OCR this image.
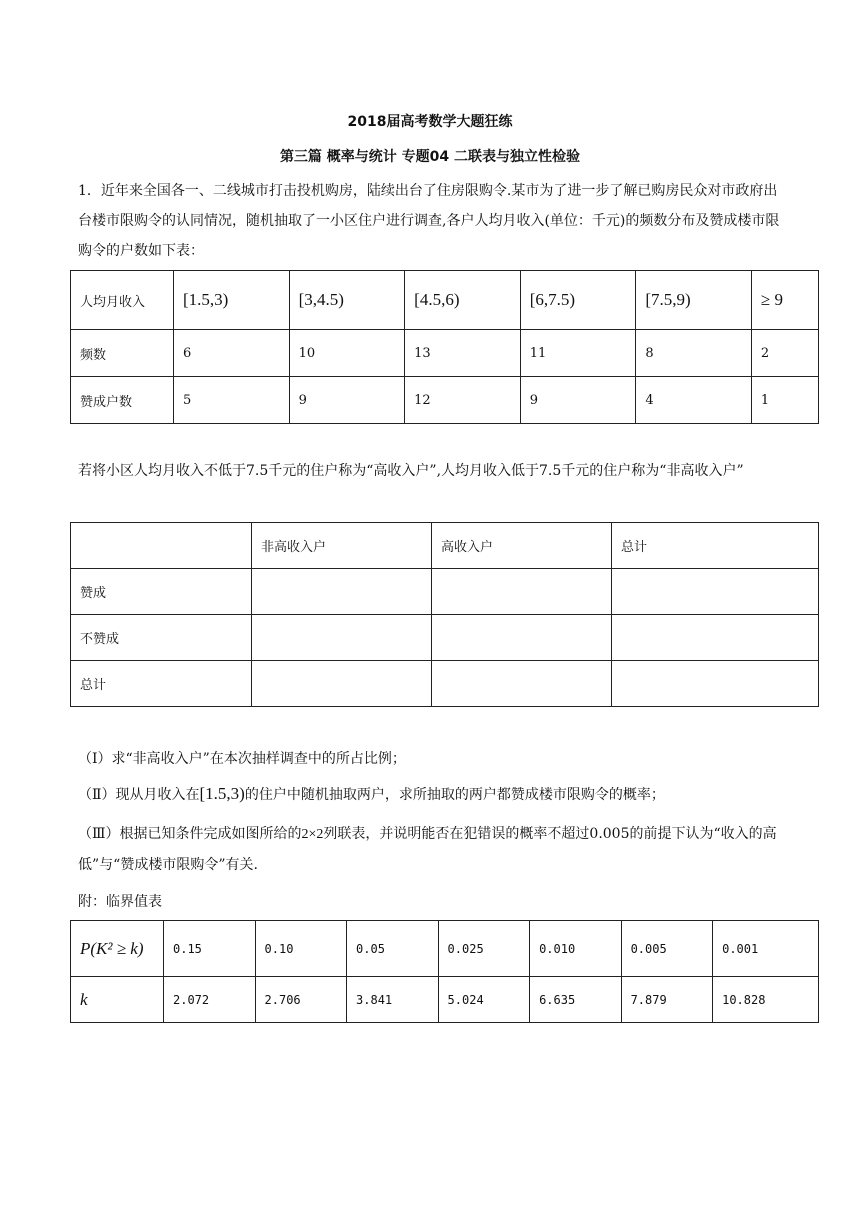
2018届高考数学大题狂练
第三篇 概率与统计 专题04 二联表与独立性检验

1．近年来全国各一、二线城市打击投机购房，陆续出台了住房限购令.某市为了进一步了解已购房民众对市政府出台楼市限购令的认同情况，随机抽取了一小区住户进行调查,各户人均月收入(单位：千元)的频数分布及赞成楼市限购令的户数如下表：

人均月收入	[1.5,3)	[3,4.5)	[4.5,6)	[6,7.5)	[7.5,9)	≥ 9
频数	6	10	13	11	8	2
赞成户数	5	9	12	9	4	1

若将小区人均月收入不低于7.5千元的住户称为“高收入户”,人均月收入低于7.5千元的住户称为“非高收入户”

	非高收入户	高收入户	总计
赞成			
不赞成			
总计			

（Ⅰ）求“非高收入户”在本次抽样调查中的所占比例；

（Ⅱ）现从月收入在[1.5,3)的住户中随机抽取两户，求所抽取的两户都赞成楼市限购令的概率；

（Ⅲ）根据已知条件完成如图所给的2×2列联表，并说明能否在犯错误的概率不超过0.005的前提下认为“收入的高低”与“赞成楼市限购令”有关.

附：临界值表

P(K² ≥ k)	0.15	0.10	0.05	0.025	0.010	0.005	0.001
k	2.072	2.706	3.841	5.024	6.635	7.879	10.828
